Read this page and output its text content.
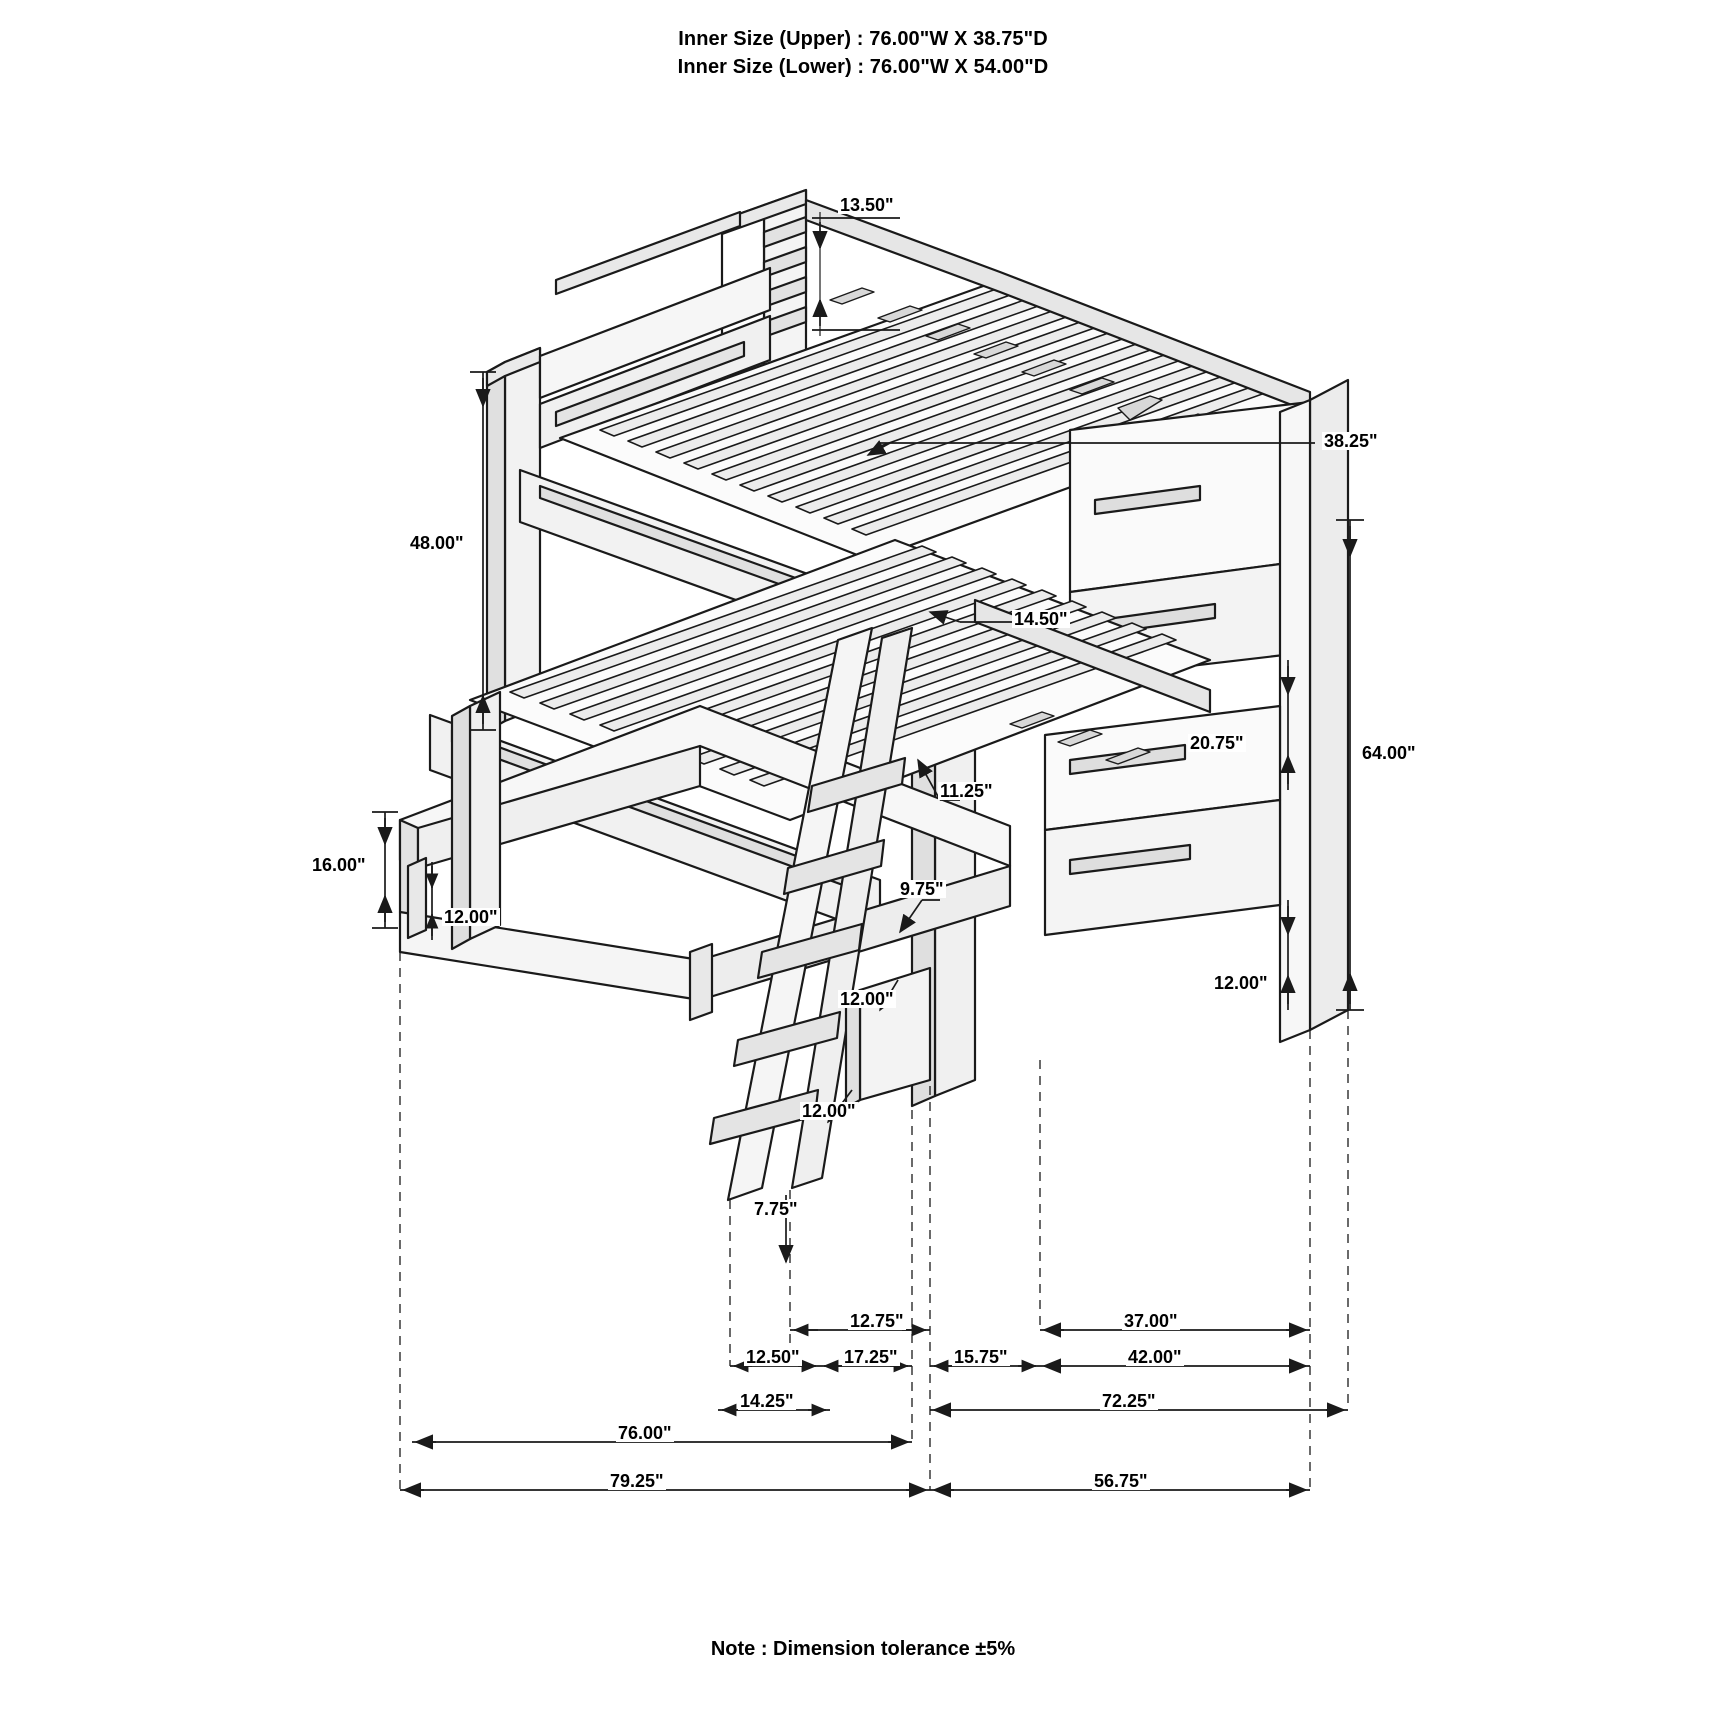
Inner Size (Upper) : 76.00"W X 38.75"D
Inner Size (Lower) : 76.00"W X 54.00"D
13.50"
38.25"
48.00"
14.50"
64.00"
20.75"
11.25"
9.75"
16.00"
12.00"
12.00"
12.00"
12.00"
7.75"
12.75"	37.00"
12.50" 17.25"	15.75"	42.00"
14.25"	72.25"
76.00"
79.25"	56.75"
Note : Dimension tolerance ±5%
